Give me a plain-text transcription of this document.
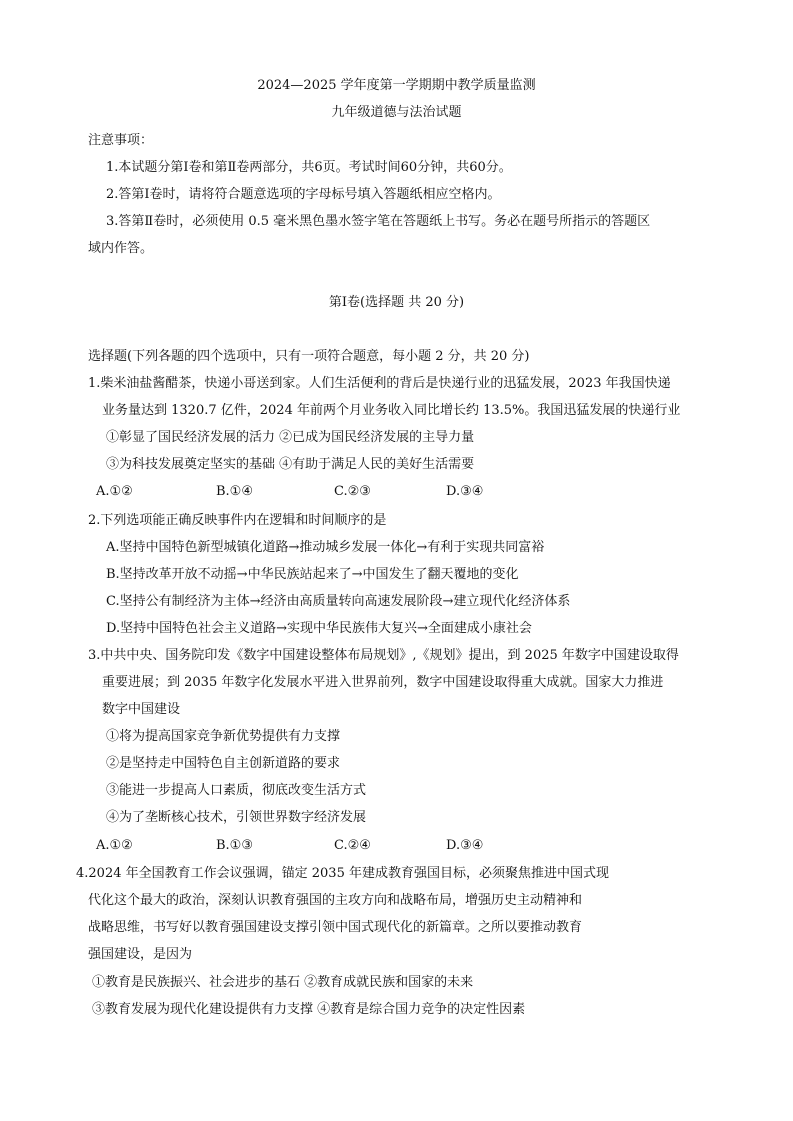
2024—2025 学年度第一学期期中教学质量监测
九年级道德与法治试题
注意事项：
1.本试题分第Ⅰ卷和第Ⅱ卷两部分，共6页。考试时间60分钟，共60分。
2.答第Ⅰ卷时，请将符合题意选项的字母标号填入答题纸相应空格内。
3.答第Ⅱ卷时，必须使用 0.5 毫米黑色墨水签字笔在答题纸上书写。务必在题号所指示的答题区
域内作答。
第Ⅰ卷(选择题 共 20 分)
选择题(下列各题的四个选项中，只有一项符合题意，每小题 2 分，共 20 分)
1.柴米油盐酱醋茶，快递小哥送到家。人们生活便利的背后是快递行业的迅猛发展，2023 年我国快递
业务量达到 1320.7 亿件，2024 年前两个月业务收入同比增长约 13.5%。我国迅猛发展的快递行业
①彰显了国民经济发展的活力 ②已成为国民经济发展的主导力量
③为科技发展奠定坚实的基础 ④有助于满足人民的美好生活需要
A.①②	B.①④	C.②③	D.③④
2.下列选项能正确反映事件内在逻辑和时间顺序的是
A.坚持中国特色新型城镇化道路→推动城乡发展一体化→有利于实现共同富裕
B.坚持改革开放不动摇→中华民族站起来了→中国发生了翻天覆地的变化
C.坚持公有制经济为主体→经济由高质量转向高速发展阶段→建立现代化经济体系
D.坚持中国特色社会主义道路→实现中华民族伟大复兴→全面建成小康社会
3.中共中央、国务院印发《数字中国建设整体布局规划》,《规划》提出，到 2025 年数字中国建设取得
重要进展；到 2035 年数字化发展水平进入世界前列，数字中国建设取得重大成就。国家大力推进
数字中国建设
①将为提高国家竞争新优势提供有力支撑
②是坚持走中国特色自主创新道路的要求
③能进一步提高人口素质，彻底改变生活方式
④为了垄断核心技术，引领世界数字经济发展
A.①②	B.①③	C.②④	D.③④
4.2024 年全国教育工作会议强调，锚定 2035 年建成教育强国目标，必须聚焦推进中国式现
代化这个最大的政治，深刻认识教育强国的主攻方向和战略布局，增强历史主动精神和
战略思维，书写好以教育强国建设支撑引领中国式现代化的新篇章。之所以要推动教育
强国建设，是因为
①教育是民族振兴、社会进步的基石 ②教育成就民族和国家的未来
③教育发展为现代化建设提供有力支撑 ④教育是综合国力竞争的决定性因素
